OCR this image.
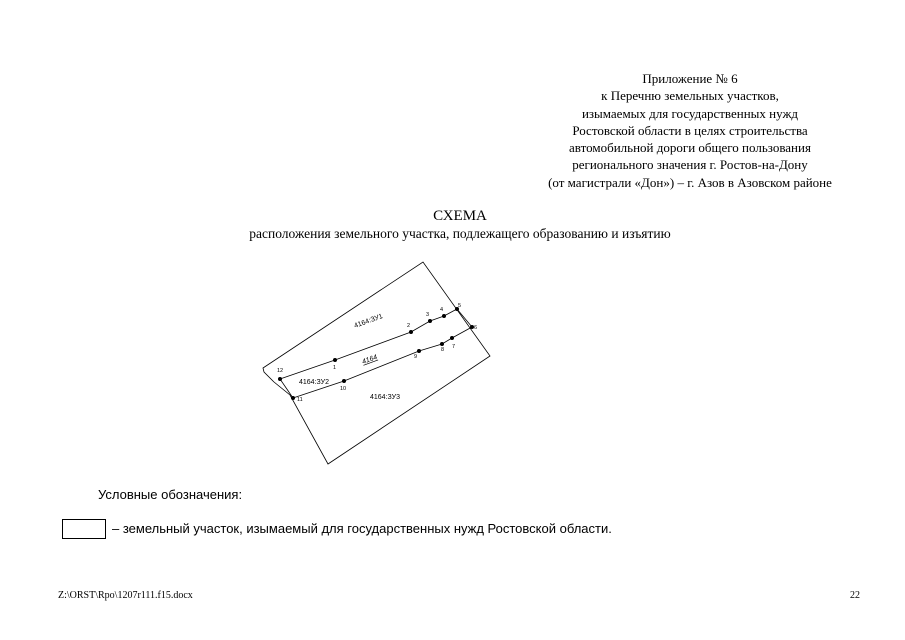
Приложение № 6
к Перечню земельных участков,
изымаемых для государственных нужд
Ростовской области в целях строительства
автомобильной дороги общего пользования
регионального значения г. Ростов-на-Дону
(от магистрали «Дон») – г. Азов в Азовском районе
СХЕМА
расположения земельного участка, подлежащего образованию и изъятию
4164:ЗУ1
4164
4164:ЗУ2
4164:ЗУ3
1
2
3
4
5
6
7
8
9
10
11
12
Условные обозначения:
– земельный участок, изымаемый для государственных нужд Ростовской области.
Z:\ORST\Rpo\1207r111.f15.docx	22
